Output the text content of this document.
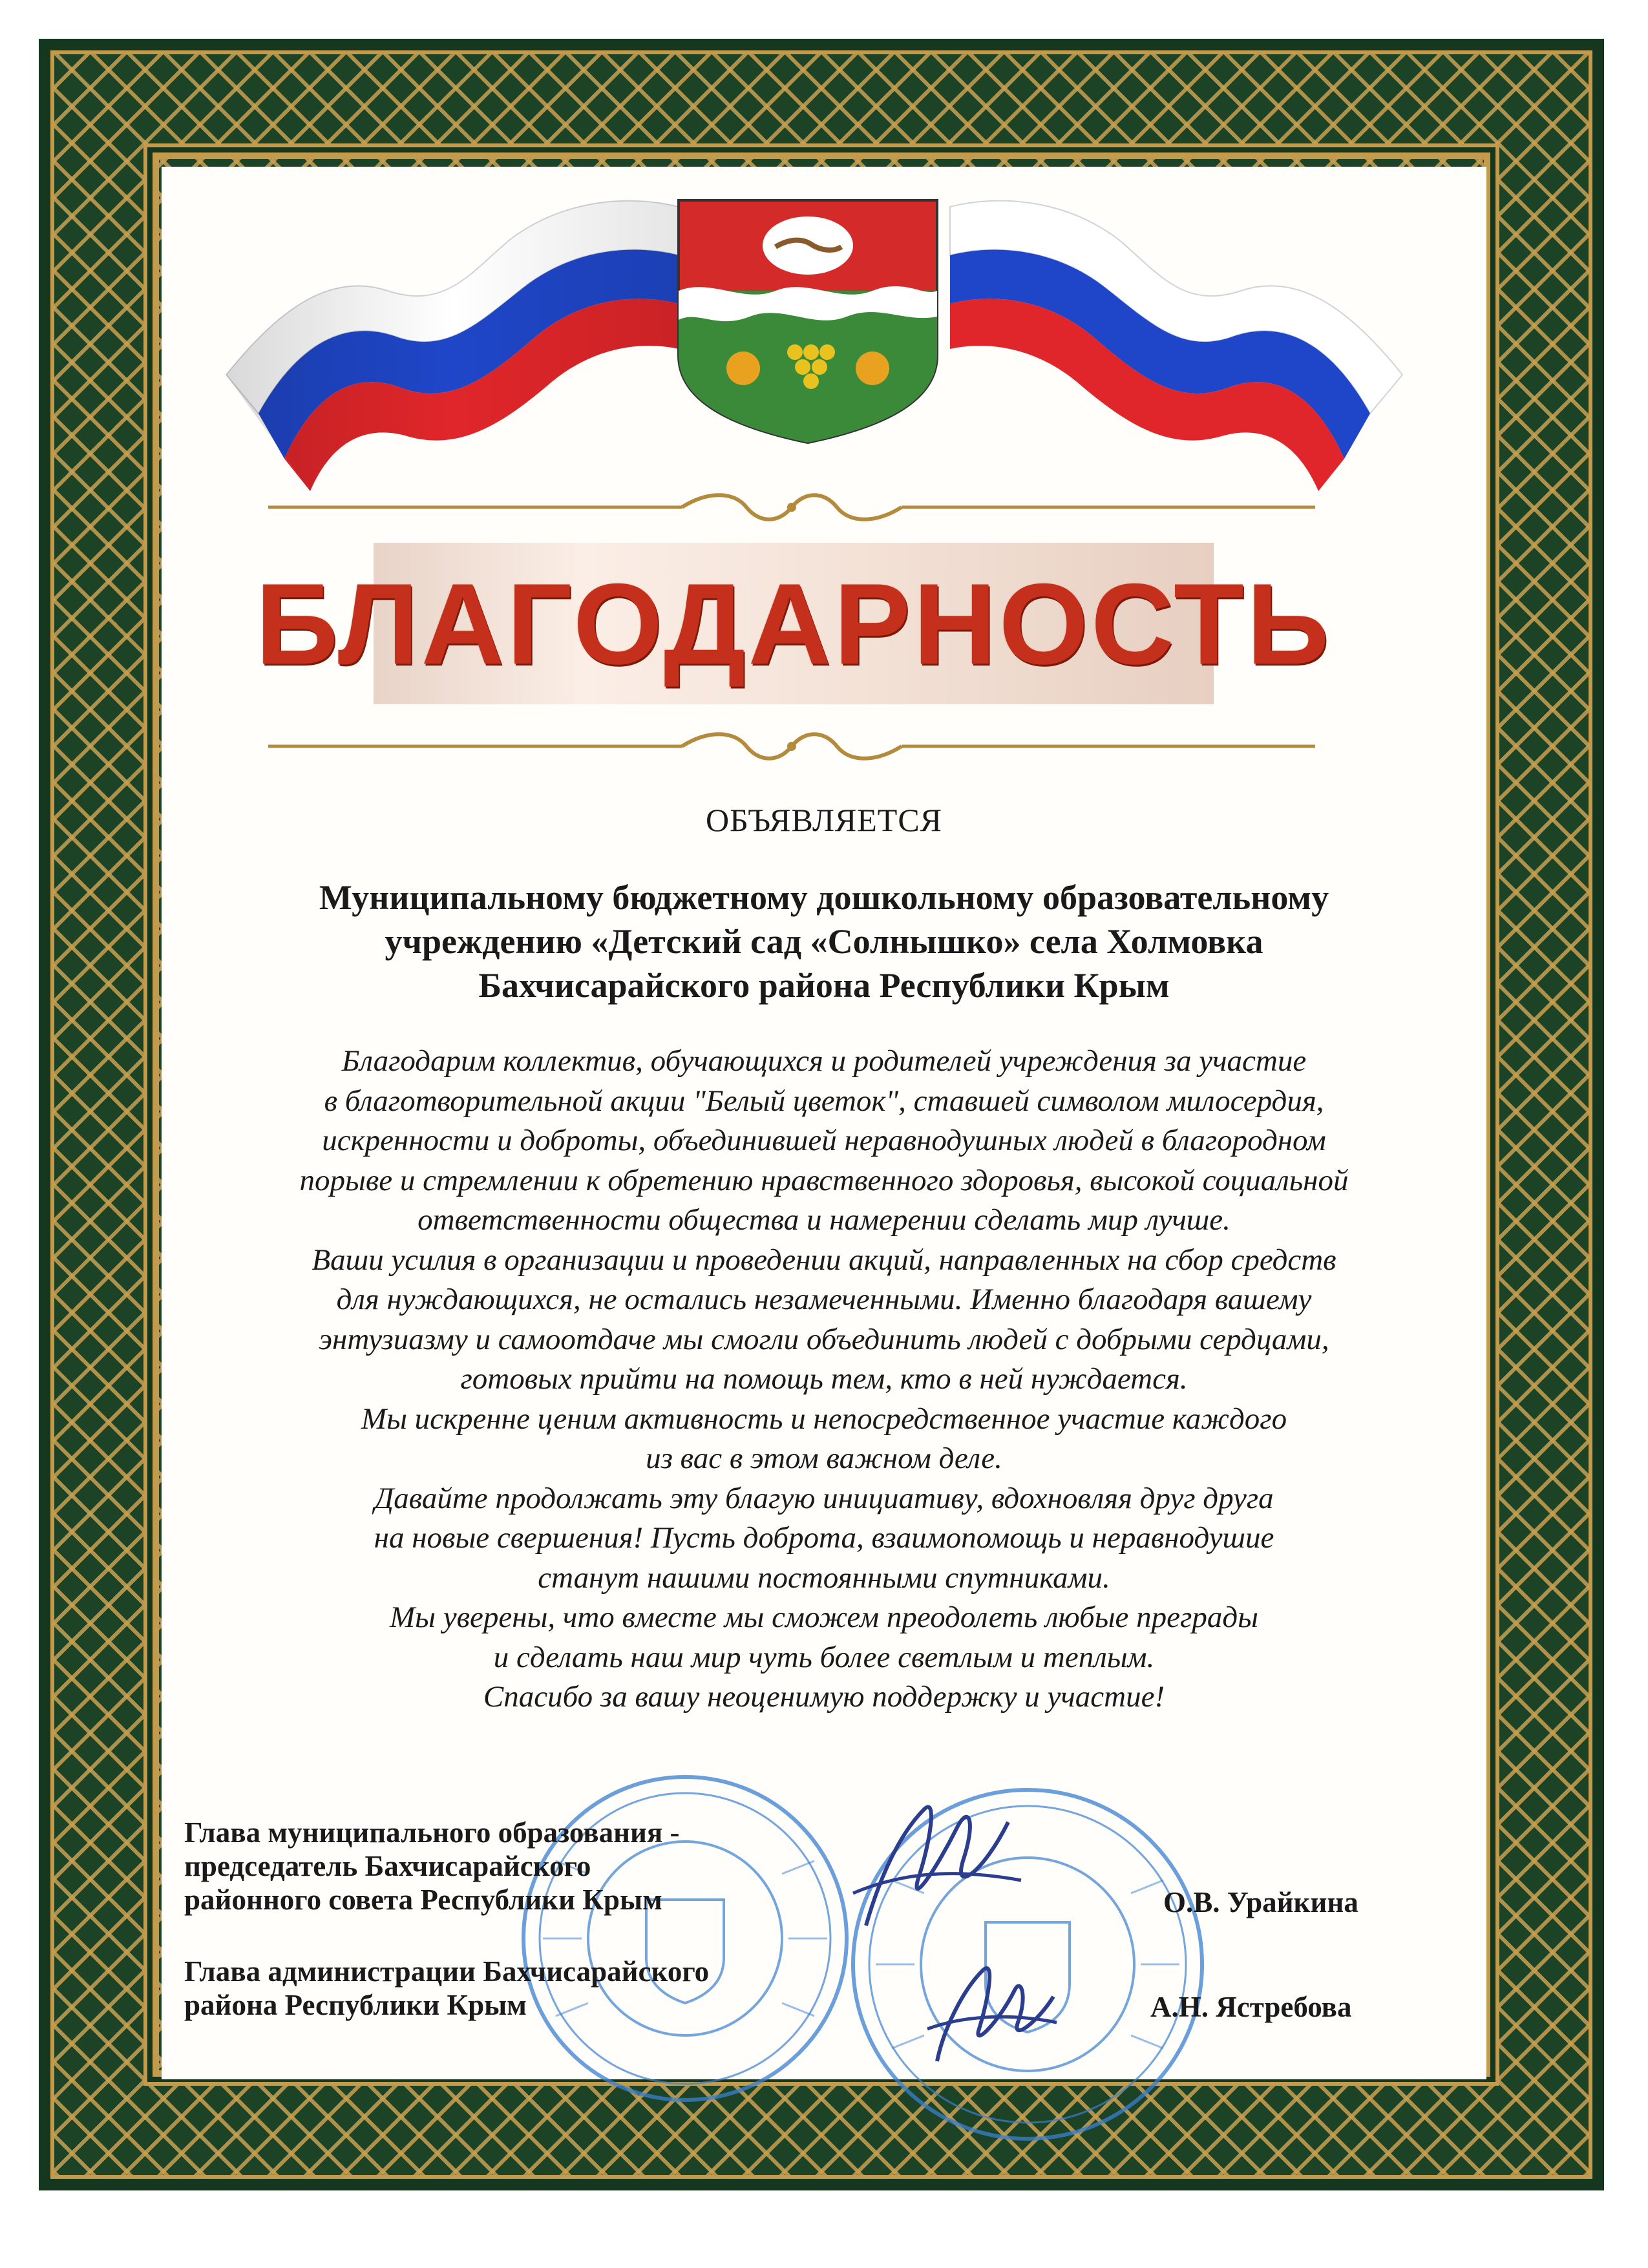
БЛАГОДАРНОСТЬ
ОБЪЯВЛЯЕТСЯ
Муниципальному бюджетному дошкольному образовательному
учреждению «Детский сад «Солнышко» села Холмовка
Бахчисарайского района Республики Крым
Благодарим коллектив, обучающихся и родителей учреждения за участие
в благотворительной акции "Белый цветок", ставшей символом милосердия,
искренности и доброты, объединившей неравнодушных людей в благородном
порыве и стремлении к обретению нравственного здоровья, высокой социальной
ответственности общества и намерении сделать мир лучше.
Ваши усилия в организации и проведении акций, направленных на сбор средств
для нуждающихся, не остались незамеченными. Именно благодаря вашему
энтузиазму и самоотдаче мы смогли объединить людей с добрыми сердцами,
готовых прийти на помощь тем, кто в ней нуждается.
Мы искренне ценим активность и непосредственное участие каждого
из вас в этом важном деле.
Давайте продолжать эту благую инициативу, вдохновляя друг друга
на новые свершения! Пусть доброта, взаимопомощь и неравнодушие
станут нашими постоянными спутниками.
Мы уверены, что вместе мы сможем преодолеть любые преграды
и сделать наш мир чуть более светлым и теплым.
Спасибо за вашу неоценимую поддержку и участие!
Глава муниципального образования -
председатель Бахчисарайского
районного совета Республики Крым	О.В. Урайкина
Глава администрации Бахчисарайского
района Республики Крым	А.Н. Ястребова
